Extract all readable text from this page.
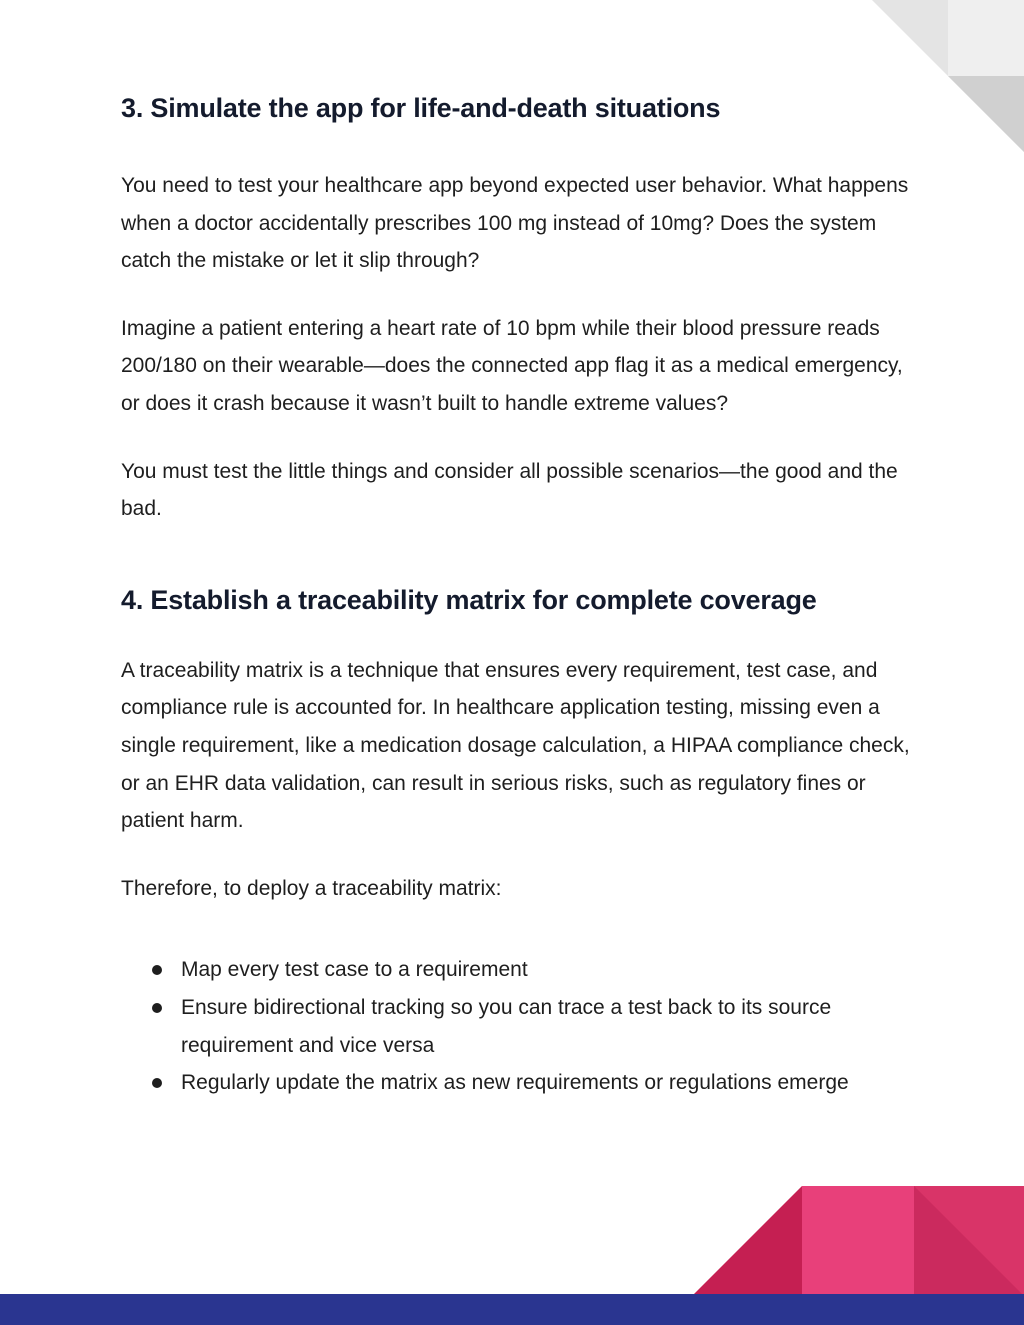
3. Simulate the app for life-and-death situations

You need to test your healthcare app beyond expected user behavior. What happens when a doctor accidentally prescribes 100 mg instead of 10mg? Does the system catch the mistake or let it slip through?

Imagine a patient entering a heart rate of 10 bpm while their blood pressure reads 200/180 on their wearable—does the connected app flag it as a medical emergency, or does it crash because it wasn’t built to handle extreme values?

You must test the little things and consider all possible scenarios—the good and the bad.

4. Establish a traceability matrix for complete coverage

A traceability matrix is a technique that ensures every requirement, test case, and compliance rule is accounted for. In healthcare application testing, missing even a single requirement, like a medication dosage calculation, a HIPAA compliance check, or an EHR data validation, can result in serious risks, such as regulatory fines or patient harm.

Therefore, to deploy a traceability matrix:

Map every test case to a requirement
Ensure bidirectional tracking so you can trace a test back to its source requirement and vice versa
Regularly update the matrix as new requirements or regulations emerge
